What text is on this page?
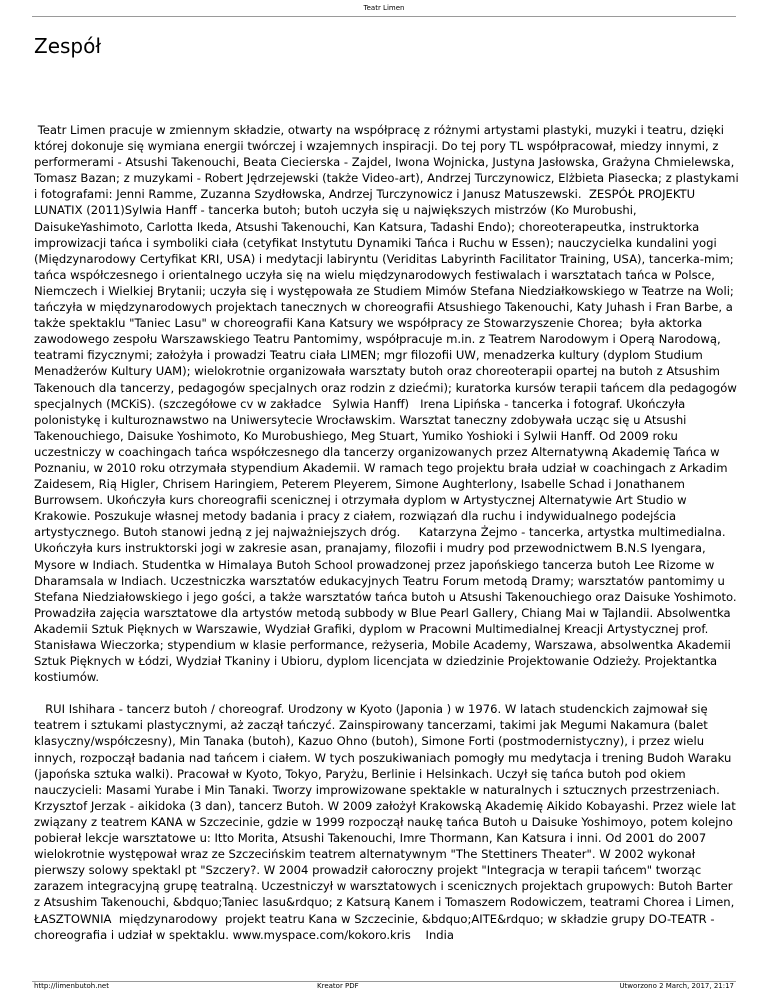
Teatr Limen
Zespół

Teatr Limen pracuje w zmiennym składzie, otwarty na współpracę z różnymi artystami plastyki, muzyki i teatru, dzięki której dokonuje się wymiana energii twórczej i wzajemnych inspiracji. Do tej pory TL współpracował, miedzy innymi, z performerami - Atsushi Takenouchi, Beata Ciecierska - Zajdel, Iwona Wojnicka, Justyna Jasłowska, Grażyna Chmielewska, Tomasz Bazan; z muzykami - Robert Jędrzejewski (także Video-art), Andrzej Turczynowicz, Elżbieta Piasecka; z plastykami i fotografami: Jenni Ramme, Zuzanna Szydłowska, Andrzej Turczynowicz i Janusz Matuszewski.  ZESPÓŁ PROJEKTU LUNATIX (2011)Sylwia Hanff - tancerka butoh; butoh uczyła się u największych mistrzów (Ko Murobushi, DaisukeYashimoto, Carlotta Ikeda, Atsushi Takenouchi, Kan Katsura, Tadashi Endo); choreoterapeutka, instruktorka improwizacji tańca i symboliki ciała (cetyfikat Instytutu Dynamiki Tańca i Ruchu w Essen); nauczycielka kundalini yogi (Międzynarodowy Certyfikat KRI, USA) i medytacji labiryntu (Veriditas Labyrinth Facilitator Training, USA), tancerka-mim; tańca współczesnego i orientalnego uczyła się na wielu międzynarodowych festiwalach i warsztatach tańca w Polsce, Niemczech i Wielkiej Brytanii; uczyła się i występowała ze Studiem Mimów Stefana Niedziałkowskiego w Teatrze na Woli; tańczyła w międzynarodowych projektach tanecznych w choreografii Atsushiego Takenouchi, Katy Juhash i Fran Barbe, a także spektaklu "Taniec Lasu" w choreografii Kana Katsury we współpracy ze Stowarzyszenie Chorea;  była aktorka zawodowego zespołu Warszawskiego Teatru Pantomimy, współpracuje m.in. z Teatrem Narodowym i Operą Narodową, teatrami fizycznymi; założyła i prowadzi Teatru ciała LIMEN; mgr filozofii UW, menadzerka kultury (dyplom Studium Menadżerów Kultury UAM); wielokrotnie organizowała warsztaty butoh oraz choreoterapii opartej na butoh z Atsushim Takenouch dla tancerzy, pedagogów specjalnych oraz rodzin z dziećmi); kuratorka kursów terapii tańcem dla pedagogów specjalnych (MCKiS). (szczegółowe cv w zakładce   Sylwia Hanff)   Irena Lipińska - tancerka i fotograf. Ukończyła polonistykę i kulturoznawstwo na Uniwersytecie Wrocławskim. Warsztat taneczny zdobywała ucząc się u Atsushi Takenouchiego, Daisuke Yoshimoto, Ko Murobushiego, Meg Stuart, Yumiko Yoshioki i Sylwii Hanff. Od 2009 roku uczestniczy w coachingach tańca współczesnego dla tancerzy organizowanych przez Alternatywną Akademię Tańca w Poznaniu, w 2010 roku otrzymała stypendium Akademii. W ramach tego projektu brała udział w coachingach z Arkadim Zaidesem, Rią Higler, Chrisem Haringiem, Peterem Pleyerem, Simone Aughterlony, Isabelle Schad i Jonathanem Burrowsem. Ukończyła kurs choreografii scenicznej i otrzymała dyplom w Artystycznej Alternatywie Art Studio w Krakowie. Poszukuje własnej metody badania i pracy z ciałem, rozwiązań dla ruchu i indywidualnego podejścia artystycznego. Butoh stanowi jedną z jej najważniejszych dróg.     Katarzyna Żejmo - tancerka, artystka multimedialna. Ukończyła kurs instruktorski jogi w zakresie asan, pranajamy, filozofii i mudry pod przewodnictwem B.N.S Iyengara, Mysore w Indiach. Studentka w Himalaya Butoh School prowadzonej przez japońskiego tancerza butoh Lee Rizome w Dharamsala w Indiach. Uczestniczka warsztatów edukacyjnych Teatru Forum metodą Dramy; warsztatów pantomimy u Stefana Niedziałowskiego i jego gości, a także warsztatów tańca butoh u Atsushi Takenouchiego oraz Daisuke Yoshimoto. Prowadziła zajęcia warsztatowe dla artystów metodą subbody w Blue Pearl Gallery, Chiang Mai w Tajlandii. Absolwentka Akademii Sztuk Pięknych w Warszawie, Wydział Grafiki, dyplom w Pracowni Multimedialnej Kreacji Artystycznej prof. Stanisława Wieczorka; stypendium w klasie performance, reżyseria, Mobile Academy, Warszawa, absolwentka Akademii Sztuk Pięknych w Łódzi, Wydział Tkaniny i Ubioru, dyplom licencjata w dziedzinie Projektowanie Odzieży. Projektantka kostiumów.

RUI Ishihara - tancerz butoh / choreograf. Urodzony w Kyoto (Japonia ) w 1976. W latach studenckich zajmował się teatrem i sztukami plastycznymi, aż zaczął tańczyć. Zainspirowany tancerzami, takimi jak Megumi Nakamura (balet klasyczny/współczesny), Min Tanaka (butoh), Kazuo Ohno (butoh), Simone Forti (postmodernistyczny), i przez wielu innych, rozpoczął badania nad tańcem i ciałem. W tych poszukiwaniach pomogły mu medytacja i trening Budoh Waraku (japońska sztuka walki). Pracował w Kyoto, Tokyo, Paryżu, Berlinie i Helsinkach. Uczył się tańca butoh pod okiem nauczycieli: Masami Yurabe i Min Tanaki. Tworzy improwizowane spektakle w naturalnych i sztucznych przestrzeniach.     Krzysztof Jerzak - aikidoka (3 dan), tancerz Butoh. W 2009 założył Krakowską Akademię Aikido Kobayashi. Przez wiele lat związany z teatrem KANA w Szczecinie, gdzie w 1999 rozpoczął naukę tańca Butoh u Daisuke Yoshimoyo, potem kolejno pobierał lekcje warsztatowe u: Itto Morita, Atsushi Takenouchi, Imre Thormann, Kan Katsura i inni. Od 2001 do 2007 wielokrotnie występował wraz ze Szczecińskim teatrem alternatywnym "The Stettiners Theater". W 2002 wykonał pierwszy solowy spektakl pt "Szczery?. W 2004 prowadził całoroczny projekt "Integracja w terapii tańcem" tworząc zarazem integracyjną grupę teatralną. Uczestniczył w warsztatowych i scenicznych projektach grupowych: Butoh Barter z Atsushim Takenouchi, &bdquo;Taniec lasu&rdquo; z Katsurą Kanem i Tomaszem Rodowiczem, teatrami Chorea i Limen, ŁASZTOWNIA  międzynarodowy  projekt teatru Kana w Szczecinie, &bdquo;AITE&rdquo; w składzie grupy DO-TEATR - choreografia i udział w spektaklu. www.myspace.com/kokoro.kris    India

http://limenbutoh.net	Kreator PDF	Utworzono 2 March, 2017, 21:17
